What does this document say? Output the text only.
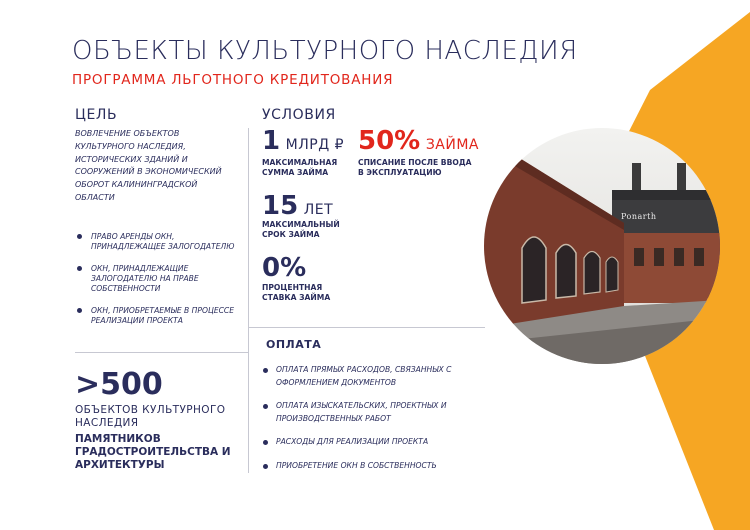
Ponarth
ОБЪЕКТЫ КУЛЬТУРНОГО НАСЛЕДИЯ
ПРОГРАММА ЛЬГОТНОГО КРЕДИТОВАНИЯ
ЦЕЛЬ
ВОВЛЕЧЕНИЕ ОБЪЕКТОВ КУЛЬТУРНОГО НАСЛЕДИЯ, ИСТОРИЧЕСКИХ ЗДАНИЙ И СООРУЖЕНИЙ В ЭКОНОМИЧЕСКИЙ ОБОРОТ КАЛИНИНГРАДСКОЙ ОБЛАСТИ
ПРАВО АРЕНДЫ ОКН, ПРИНАДЛЕЖАЩЕЕ ЗАЛОГОДАТЕЛЮ
ОКН, ПРИНАДЛЕЖАЩИЕ ЗАЛОГОДАТЕЛЮ НА ПРАВЕ СОБСТВЕННОСТИ
ОКН, ПРИОБРЕТАЕМЫЕ В ПРОЦЕССЕ РЕАЛИЗАЦИИ ПРОЕКТА
УСЛОВИЯ
1 МЛРД ₽
МАКСИМАЛЬНАЯ СУММА ЗАЙМА
50% ЗАЙМА
СПИСАНИЕ ПОСЛЕ ВВОДА В ЭКСПЛУАТАЦИЮ
15 ЛЕТ
МАКСИМАЛЬНЫЙ СРОК ЗАЙМА
0%
ПРОЦЕНТНАЯ СТАВКА ЗАЙМА
ОПЛАТА
ОПЛАТА ПРЯМЫХ РАСХОДОВ, СВЯЗАННЫХ С ОФОРМЛЕНИЕМ ДОКУМЕНТОВ
ОПЛАТА ИЗЫСКАТЕЛЬСКИХ, ПРОЕКТНЫХ И ПРОИЗВОДСТВЕННЫХ РАБОТ
РАСХОДЫ ДЛЯ РЕАЛИЗАЦИИ ПРОЕКТА
ПРИОБРЕТЕНИЕ ОКН В СОБСТВЕННОСТЬ
>500
ОБЪЕКТОВ КУЛЬТУРНОГО НАСЛЕДИЯ
ПАМЯТНИКОВ ГРАДОСТРОИТЕЛЬСТВА И АРХИТЕКТУРЫ
